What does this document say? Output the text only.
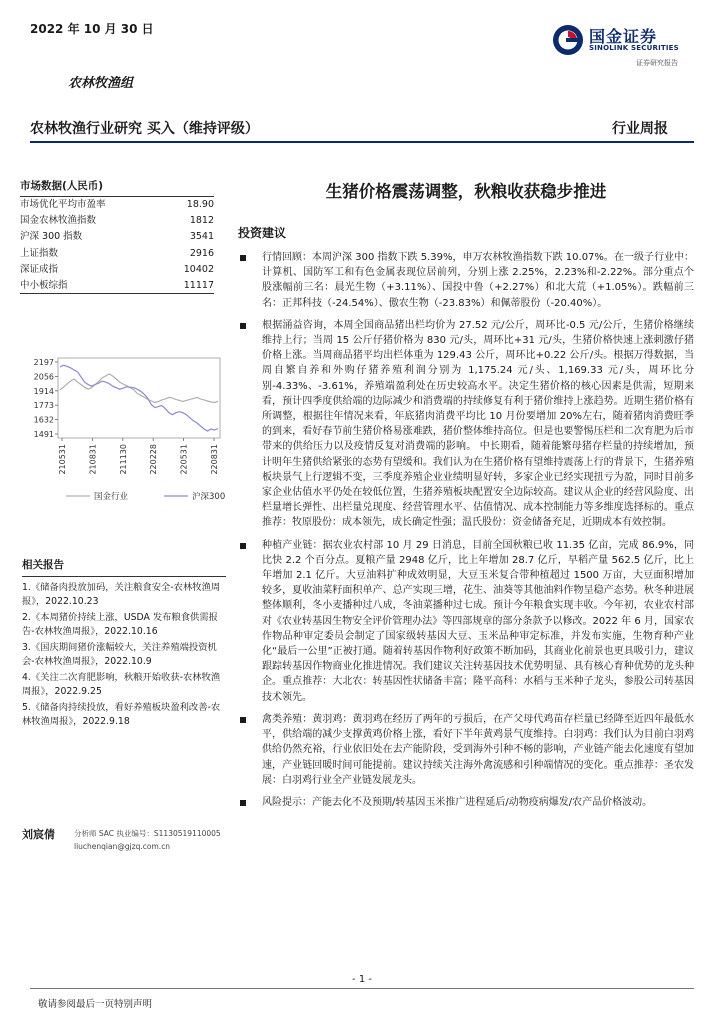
2022 年 10 月 30 日	国金证券
SINOLINK SECURITIES
证券研究报告
农林牧渔组
农林牧渔行业研究 买入（维持评级）	行业周报
市场数据(人民币)
市场优化平均市盈率	18.90
国金农林牧渔指数	1812
沪深 300 指数	3541
上证指数	2916
深证成指	10402
中小板综指	11117
2197
2056
1914
1773
1632
1491
210531	210831	211130	220228	220531	220831
国金行业	沪深300
相关报告
1.《储备肉投放加码，关注粮食安全-农林牧渔周报》，2022.10.23
2.《本周猪价持续上涨，USDA 发布粮食供需报告-农林牧渔周报》，2022.10.16
3.《国庆期间猪价涨幅较大，关注养殖端投资机会-农林牧渔周报》，2022.10.9
4.《关注二次育肥影响，秋粮开始收获-农林牧渔周报》，2022.9.25
5.《储备肉持续投放，看好养殖板块盈利改善-农林牧渔周报》，2022.9.18
刘宸倩	分析师 SAC 执业编号：S1130519110005
liuchenqian@gjzq.com.cn
生猪价格震荡调整，秋粮收获稳步推进
投资建议
行情回顾：本周沪深 300 指数下跌 5.39%，申万农林牧渔指数下跌 10.07%。在一级子行业中：计算机、国防军工和有色金属表现位居前列，分别上涨 2.25%，2.23%和-2.22%。部分重点个股涨幅前三名：晨光生物（+3.11%）、国投中鲁（+2.27%）和北大荒（+1.05%）。跌幅前三名：正邦科技（-24.54%）、傲农生物（-23.83%）和佩蒂股份（-20.40%）。
根据涌益咨询，本周全国商品猪出栏均价为 27.52 元/公斤，周环比-0.5 元/公斤，生猪价格继续维持上行；当周 15 公斤仔猪价格为 830 元/头，周环比+31 元/头，生猪价格快速上涨刺激仔猪价格上涨。当周商品猪平均出栏体重为 129.43 公斤，周环比+0.22 公斤/头。根据万得数据，当周自繁自养和外购仔猪养殖利润分别为 1,175.24 元/头、1,169.33 元/头，周环比分别-4.33%、-3.61%，养殖端盈利处在历史较高水平。决定生猪价格的核心因素是供需，短期来看，预计四季度供给端的边际减少和消费端的持续修复有利于猪价维持上涨趋势。近期生猪价格有所调整，根据往年情况来看，年底猪肉消费平均比 10 月份要增加 20%左右，随着猪肉消费旺季的到来，看好春节前生猪价格易涨难跌，猪价整体维持高位。但是也要警惕压栏和二次育肥为后市带来的供给压力以及疫情反复对消费端的影响。 中长期看，随着能繁母猪存栏量的持续增加，预计明年生猪供给紧张的态势有望缓和。我们认为在生猪价格有望维持震荡上行的背景下，生猪养殖板块景气上行逻辑不变，三季度养殖企业业绩明显好转，多家企业已经实现扭亏为盈，同时目前多家企业估值水平仍处在较低位置，生猪养殖板块配置安全边际较高。建议从企业的经营风险度、出栏量增长弹性、出栏量兑现度、经营管理水平、估值情况、成本控制能力等多维度选择标的。重点推荐：牧原股份：成本领先，成长确定性强；温氏股份：资金储备充足，近期成本有效控制。
种植产业链：据农业农村部 10 月 29 日消息，目前全国秋粮已收 11.35 亿亩，完成 86.9%，同比快 2.2 个百分点。夏粮产量 2948 亿斤，比上年增加 28.7 亿斤，早稻产量 562.5 亿斤，比上年增加 2.1 亿斤。大豆油料扩种成效明显，大豆玉米复合带种植超过 1500 万亩，大豆面积增加较多，夏收油菜籽面积单产、总产实现三增，花生、油葵等其他油料作物呈稳产态势。秋冬种进展整体顺利，冬小麦播种过八成，冬油菜播种过七成。预计今年粮食实现丰收。今年初，农业农村部对《农业转基因生物安全评价管理办法》等四部规章的部分条款予以修改。2022 年 6 月，国家农作物品种审定委员会制定了国家级转基因大豆、玉米品种审定标准，并发布实施，生物育种产业化“最后一公里”正被打通。随着转基因作物利好政策不断加码，其商业化前景也更具吸引力，建议跟踪转基因作物商业化推进情况。我们建议关注转基因技术优势明显、具有核心育种优势的龙头种企。重点推荐：大北农：转基因性状储备丰富；隆平高科：水稻与玉米种子龙头，参股公司转基因技术领先。
禽类养殖：黄羽鸡：黄羽鸡在经历了两年的亏损后，在产父母代鸡苗存栏量已经降至近四年最低水平，供给端的减少支撑黄鸡价格上涨，看好下半年黄鸡景气度维持。白羽鸡：我们认为目前白羽鸡供给仍然充裕，行业依旧处在去产能阶段，受到海外引种不畅的影响，产业链产能去化速度有望加速，产业链回暖时间可能提前。建议持续关注海外禽流感和引种端情况的变化。重点推荐：圣农发展：白羽鸡行业全产业链发展龙头。
风险提示：产能去化不及预期/转基因玉米推广进程延后/动物疫病爆发/农产品价格波动。
- 1 -
敬请参阅最后一页特别声明
